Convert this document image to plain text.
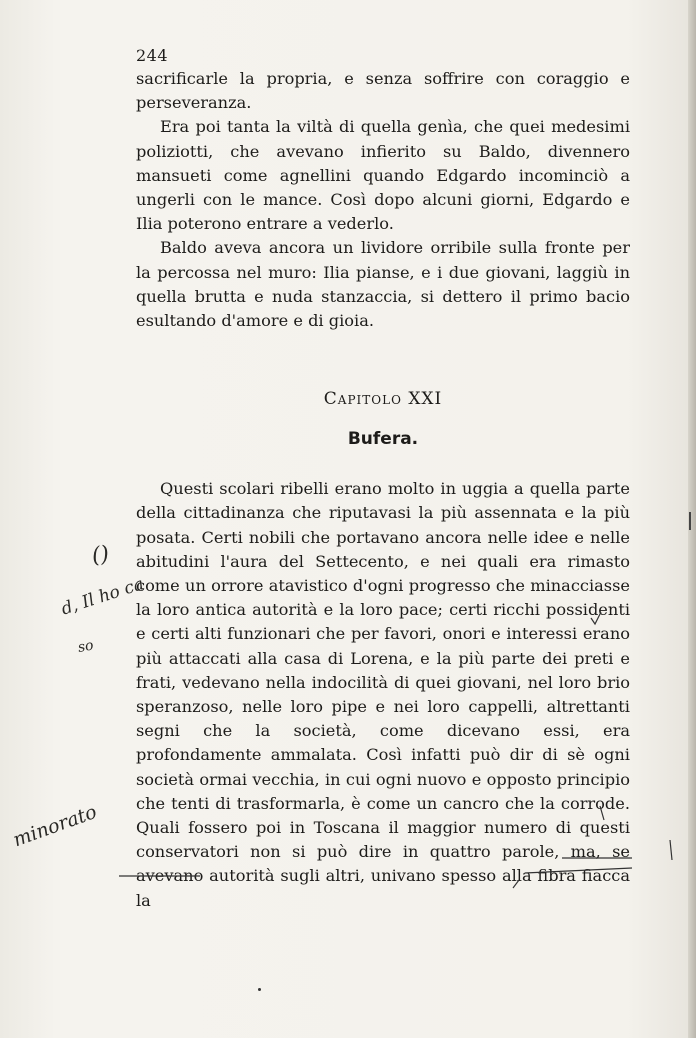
244

sacrificarle la propria, e senza soffrire con coraggio e perseveranza.

Era poi tanta la viltà di quella genìa, che quei medesimi poliziotti, che avevano infierito su Baldo, divennero mansueti come agnellini quando Edgardo incominciò a ungerli con le mance. Così dopo alcuni giorni, Edgardo e Ilia poterono entrare a vederlo.

Baldo aveva ancora un lividore orribile sulla fronte per la percossa nel muro: Ilia pianse, e i due giovani, laggiù in quella brutta e nuda stanzaccia, si dettero il primo bacio esultando d'amore e di gioia.

Capitolo XXI
Bufera.

Questi scolari ribelli erano molto in uggia a quella parte della cittadinanza che riputavasi la più assennata e la più posata. Certi nobili che portavano ancora nelle idee e nelle abitudini l'aura del Settecento, e nei quali era rimasto come un orrore atavistico d'ogni progresso che minacciasse la loro antica autorità e la loro pace; certi ricchi possidenti e certi alti funzionari che per favori, onori e interessi erano più attaccati alla casa di Lorena, e la più parte dei preti e frati, vedevano nella indocilità di quei giovani, nel loro brio speranzoso, nelle loro pipe e nei loro cappelli, altrettanti segni che la società, come dicevano essi, era profondamente ammalata. Così infatti può dir di sè ogni società ormai vecchia, in cui ogni nuovo e opposto principio che tenti di trasformarla, è come un cancro che la corrode. Quali fossero poi in Toscana il maggior numero di questi conservatori non si può dire in quattro parole, ma, se avevano autorità sugli altri, univano spesso alla fibra fiacca la

()
d, Il ho ca
so
minorato
